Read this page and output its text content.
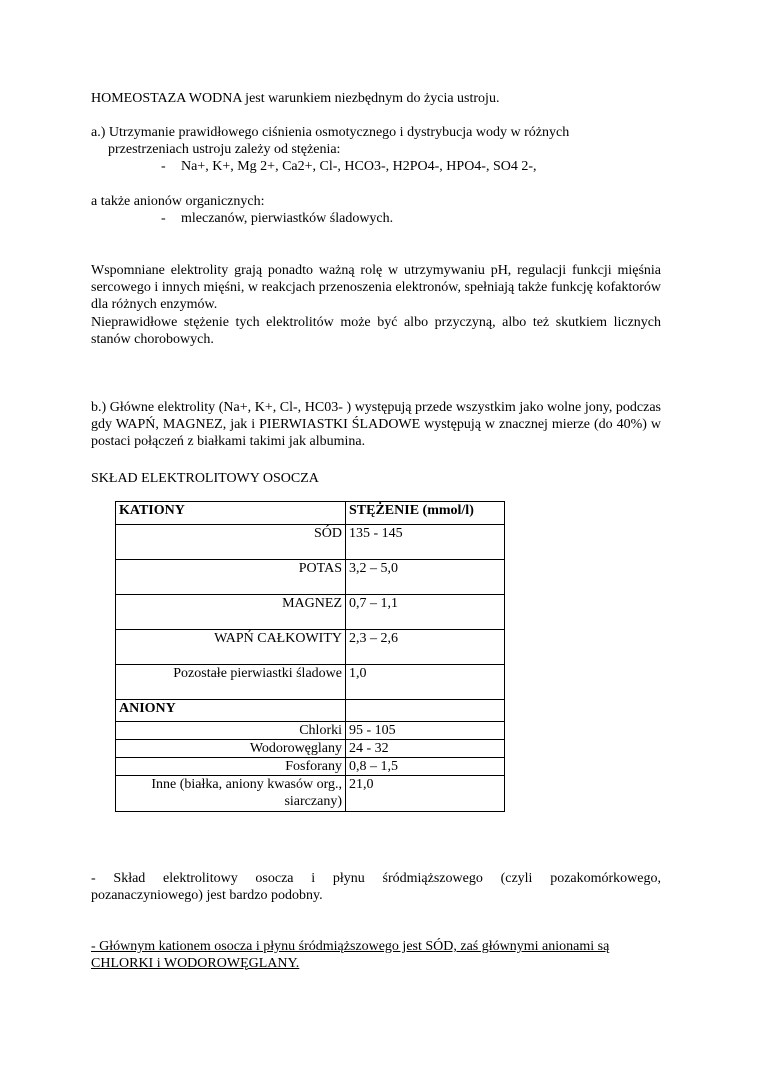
HOMEOSTAZA WODNA jest warunkiem niezbędnym do życia ustroju.
a.) Utrzymanie prawidłowego ciśnienia osmotycznego i dystrybucja wody w różnych
przestrzeniach ustroju zależy od stężenia:
- Na+, K+, Mg 2+, Ca2+, Cl-, HCO3-, H2PO4-, HPO4-, SO4 2-,
a także anionów organicznych:
- mleczanów, pierwiastków śladowych.
Wspomniane elektrolity grają ponadto ważną rolę w utrzymywaniu pH, regulacji funkcji mięśnia sercowego i innych mięśni, w reakcjach przenoszenia elektronów, spełniają także funkcję kofaktorów dla różnych enzymów.
Nieprawidłowe stężenie tych elektrolitów może być albo przyczyną, albo też skutkiem licznych stanów chorobowych.
b.) Główne elektrolity (Na+, K+, Cl-, HC03- ) występują przede wszystkim jako wolne jony, podczas gdy WAPŃ, MAGNEZ, jak i PIERWIASTKI ŚLADOWE występują w znacznej mierze (do 40%) w postaci połączeń z białkami takimi jak albumina.
SKŁAD ELEKTROLITOWY OSOCZA
KATIONY	STĘŻENIE (mmol/l)
SÓD	135 - 145
POTAS	3,2 – 5,0
MAGNEZ	0,7 – 1,1
WAPŃ CAŁKOWITY	2,3 – 2,6
Pozostałe pierwiastki śladowe	1,0
ANIONY	
Chlorki	95 - 105
Wodorowęglany	24 - 32
Fosforany	0,8 – 1,5
Inne (białka, aniony kwasów org., siarczany)	21,0
- Skład elektrolitowy osocza i płynu śródmiąższowego (czyli pozakomórkowego, pozanaczyniowego) jest bardzo podobny.
- Głównym kationem osocza i płynu śródmiąższowego jest SÓD, zaś głównymi anionami są CHLORKI i WODOROWĘGLANY.
